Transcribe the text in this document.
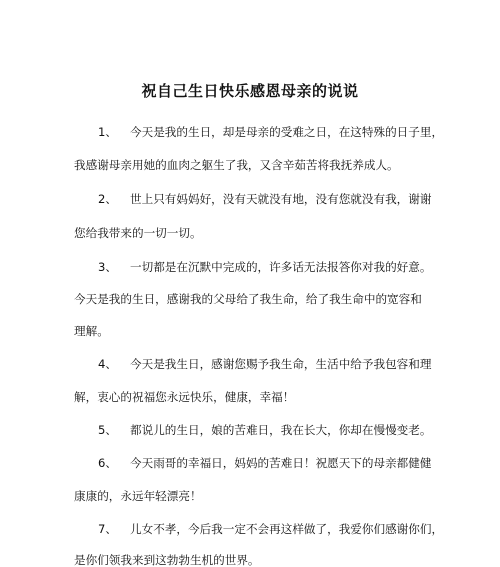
祝自己生日快乐感恩母亲的说说
1、 今天是我的生日，却是母亲的受难之日，在这特殊的日子里，
我感谢母亲用她的血肉之躯生了我，又含辛茹苦将我抚养成人。
2、 世上只有妈妈好，没有天就没有地，没有您就没有我，谢谢
您给我带来的一切一切。
3、 一切都是在沉默中完成的，许多话无法报答你对我的好意。
今天是我的生日，感谢我的父母给了我生命，给了我生命中的宽容和
理解。
4、 今天是我生日，感谢您赐予我生命，生活中给予我包容和理
解，衷心的祝福您永远快乐，健康，幸福！
5、 都说儿的生日，娘的苦难日，我在长大，你却在慢慢变老。
6、 今天雨哥的幸福日，妈妈的苦难日！祝愿天下的母亲都健健
康康的，永远年轻漂亮！
7、 儿女不孝，今后我一定不会再这样做了，我爱你们感谢你们，
是你们领我来到这勃勃生机的世界。
